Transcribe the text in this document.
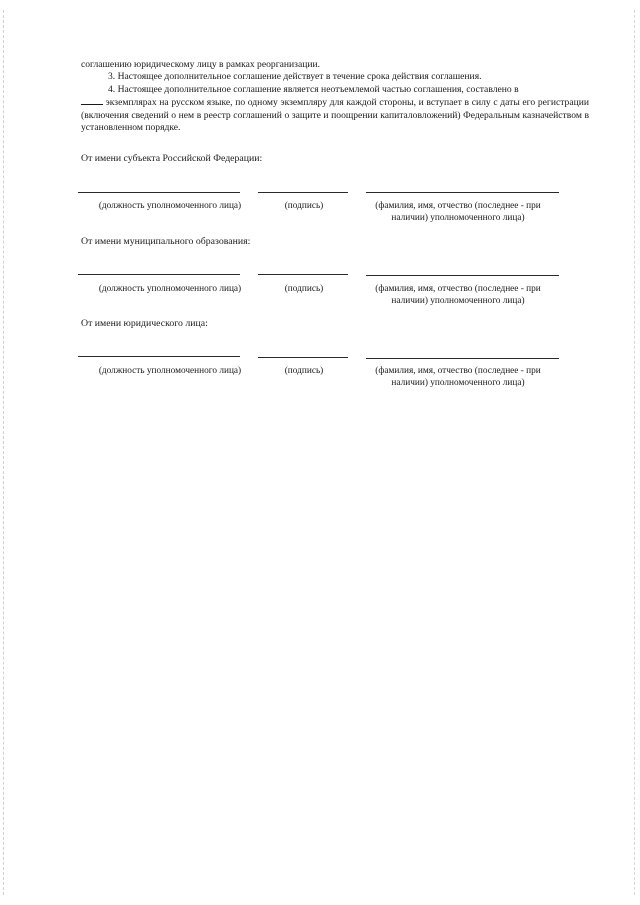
соглашению юридическому лицу в рамках реорганизации.

3. Настоящее дополнительное соглашение действует в течение срока действия соглашения.

4. Настоящее дополнительное соглашение является неотъемлемой частью соглашения, составлено в

экземплярах на русском языке, по одному экземпляру для каждой стороны, и вступает в силу с даты его регистрации (включения сведений о нем в реестр соглашений о защите и поощрении капиталовложений) Федеральным казначейством в установленном порядке.

От имени субъекта Российской Федерации:
(должность уполномоченного лица)	(подпись)	(фамилия, имя, отчество (последнее - при наличии) уполномоченного лица)
От имени муниципального образования:
(должность уполномоченного лица)	(подпись)	(фамилия, имя, отчество (последнее - при наличии) уполномоченного лица)
От имени юридического лица:
(должность уполномоченного лица)	(подпись)	(фамилия, имя, отчество (последнее - при наличии) уполномоченного лица)
